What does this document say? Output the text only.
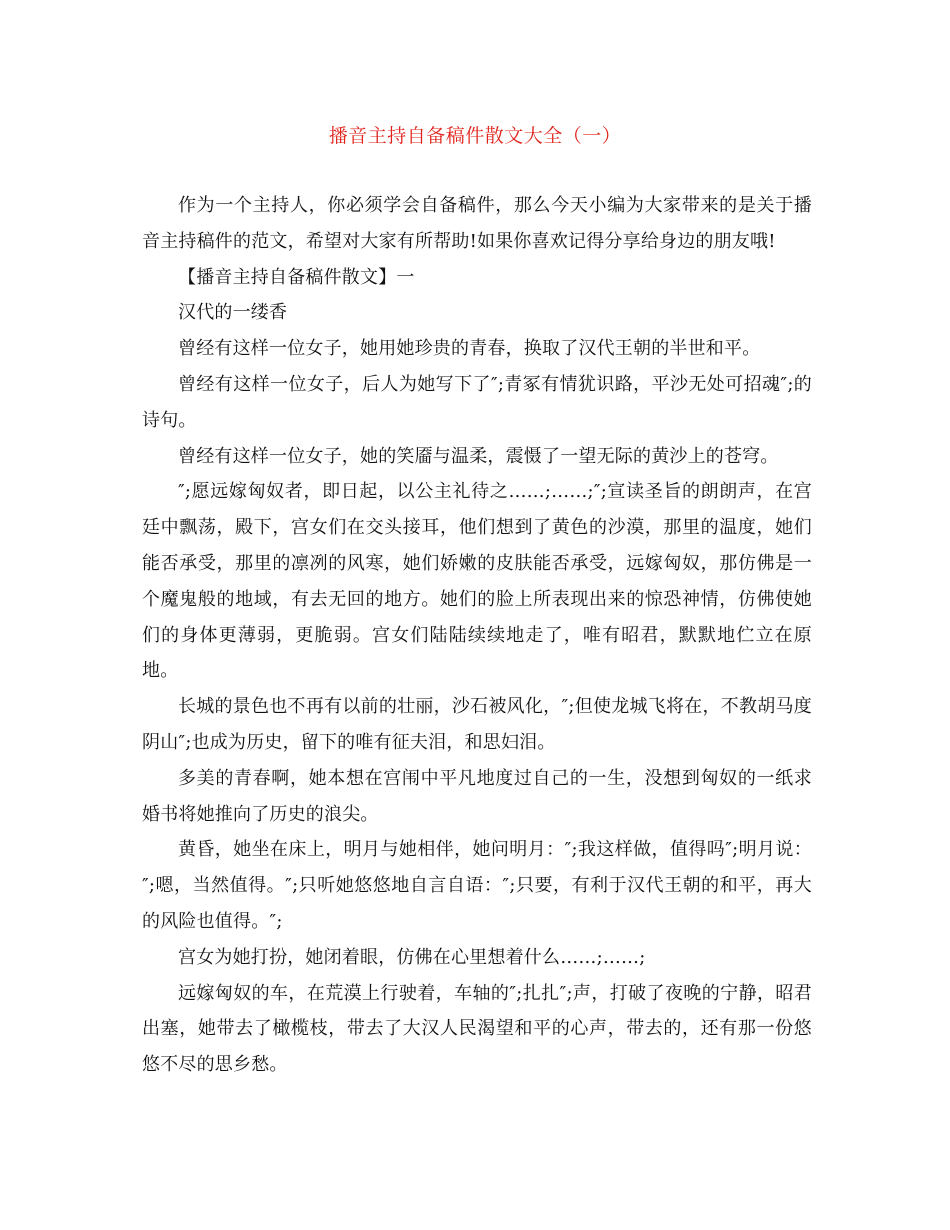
播音主持自备稿件散文大全（一）

作为一个主持人，你必须学会自备稿件，那么今天小编为大家带来的是关于播音主持稿件的范文，希望对大家有所帮助!如果你喜欢记得分享给身边的朋友哦!

【播音主持自备稿件散文】一

汉代的一缕香

曾经有这样一位女子，她用她珍贵的青春，换取了汉代王朝的半世和平。

曾经有这样一位女子，后人为她写下了″;青冢有情犹识路，平沙无处可招魂″;的诗句。

曾经有这样一位女子，她的笑靥与温柔，震慑了一望无际的黄沙上的苍穹。

″;愿远嫁匈奴者，即日起，以公主礼待之……;……;″;宣读圣旨的朗朗声，在宫廷中飘荡，殿下，宫女们在交头接耳，他们想到了黄色的沙漠，那里的温度，她们能否承受，那里的凛冽的风寒，她们娇嫩的皮肤能否承受，远嫁匈奴，那仿佛是一个魔鬼般的地域，有去无回的地方。她们的脸上所表现出来的惊恐神情，仿佛使她们的身体更薄弱，更脆弱。宫女们陆陆续续地走了，唯有昭君，默默地伫立在原地。

长城的景色也不再有以前的壮丽，沙石被风化，″;但使龙城飞将在，不教胡马度阴山″;也成为历史，留下的唯有征夫泪，和思妇泪。

多美的青春啊，她本想在宫闱中平凡地度过自己的一生，没想到匈奴的一纸求婚书将她推向了历史的浪尖。

黄昏，她坐在床上，明月与她相伴，她问明月：″;我这样做，值得吗″;明月说：″;嗯，当然值得。″;只听她悠悠地自言自语：″;只要，有利于汉代王朝的和平，再大的风险也值得。″;

宫女为她打扮，她闭着眼，仿佛在心里想着什么……;……;

远嫁匈奴的车，在荒漠上行驶着，车轴的″;扎扎″;声，打破了夜晚的宁静，昭君出塞，她带去了橄榄枝，带去了大汉人民渴望和平的心声，带去的，还有那一份悠悠不尽的思乡愁。
